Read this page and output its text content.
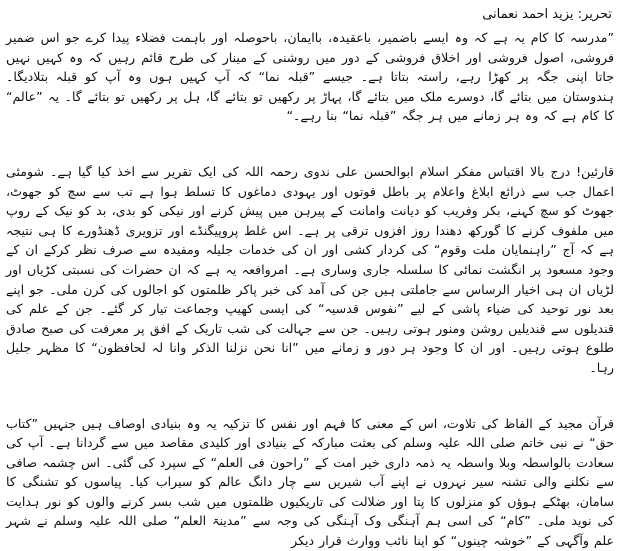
تحریر: یزید احمد نعمانی

”مدرسہ کا کام یہ ہے کہ وہ ایسے باضمیر، باعقیدہ، باایمان، باحوصلہ اور باہمت فضلاء پیدا کرے جو اس ضمیر فروشی، اصول فروشی اور اخلاق فروشی کے دور میں روشنی کے مینار کی طرح قائم رہیں کہ وہ کہیں نہیں جاتا اپنی جگہ پر کھڑا رہے، راستہ بتاتا ہے۔ جیسے ”قبلہ نما“ کہ آپ کہیں ہوں وہ آپ کو قبلہ بتلادیگا۔ ہندوستان میں بتائے گا، دوسرے ملک میں بتائے گا، پہاڑ پر رکھیں تو بتائے گا، ہل پر رکھیں تو بتائے گا۔ یہ ”عالم“ کا کام ہے کہ وہ ہر زمانے میں ہر جگہ ”قبلہ نما“ بنا رہے۔“

قارئین! درج بالا اقتباس مفکر اسلام ابوالحسن علی ندوی رحمہ اللہ کی ایک تقریر سے اخذ کیا گیا ہے۔ شومئی اعمال جب سے ذرائع ابلاغ واعلام پر باطل قوتوں اور یہودی دماغوں کا تسلط ہوا ہے تب سے سچ کو جھوٹ، جھوٹ کو سچ کہنے، بکر وفریب کو دیانت وامانت کے پیرہن میں پیش کرنے اور نیکی کو بدی، بد کو نیک کے روپ میں ملفوف کرنے کا گورکھ دھندا روز افزوں ترقی پر ہے۔ اس غلط پروپیگنڈے اور تزویری ڈھنڈورے کا ہی نتیجہ ہے کہ آج ”راہنمایان ملت وقوم“ کی کردار کشی اور ان کی خدمات جلیلہ ومفیدہ سے صرف نظر کرکے ان کے وجود مسعود پر انگشت نمائی کا سلسلہ جاری وساری ہے۔ امروافعہ یہ ہے کہ ان حضرات کی نسبتی کڑیاں اور لڑیاں ان ہی اخیار الرساس سے جاملتی ہیں جن کی آمد کی خبر پاکر ظلمتوں کو اجالوں کی کرن ملی۔ جو اپنے بعد نور توحید کی ضیاء پاشی کے لیے ”نفوس قدسیہ“ کی ایسی کھیپ وجماعت تیار کر گئے۔ جن کے علم کی قندیلوں سے قندیلیں روشن ومنور ہوتی رہیں۔ جن سے جہالت کی شب تاریک کے افق پر معرفت کی صبح صادق طلوع ہوتی رہیں۔ اور ان کا وجود ہر دور و زمانے میں ”انا نحن نزلنا الذکر وانا لہ لحافظون“ کا مظہر جلیل رہا۔

قرآن مجید کے الفاظ کی تلاوت، اس کے معنی کا فہم اور نفس کا تزکیہ یہ وہ بنیادی اوصاف ہیں جنہیں ”کتاب حق“ نے نبی خاتم صلی اللہ علیہ وسلم کی بعثت مبارکہ کے بنیادی اور کلیدی مقاصد میں سے گردانا ہے۔ آپ کی سعادت بالواسطہ وبلا واسطہ یہ ذمہ داری خیر امت کے ”راحون فی العلم“ کے سپرد کی گئی۔ اس چشمہ صافی سے نکلنے والی تشنہ سیر نہروں نے اپنے آب شیریں سے چار دانگ عالم کو سیراب کیا۔ پیاسوں کو تشنگی کا سامان، بھٹکے ہوؤں کو منزلوں کا پتا اور ضلالت کی تاریکیوں ظلمتوں میں شب بسر کرنے والوں کو نور ہدایت کی نوید ملی۔ ”کام“ کی اسی ہم آہنگی وک آہنگی کی وجہ سے ”مدینۃ العلم“ صلی اللہ علیہ وسلم نے شہر علم وآگہی کے ”خوشہ چینوں“ کو اپنا نائب ووارث قرار دیکر
